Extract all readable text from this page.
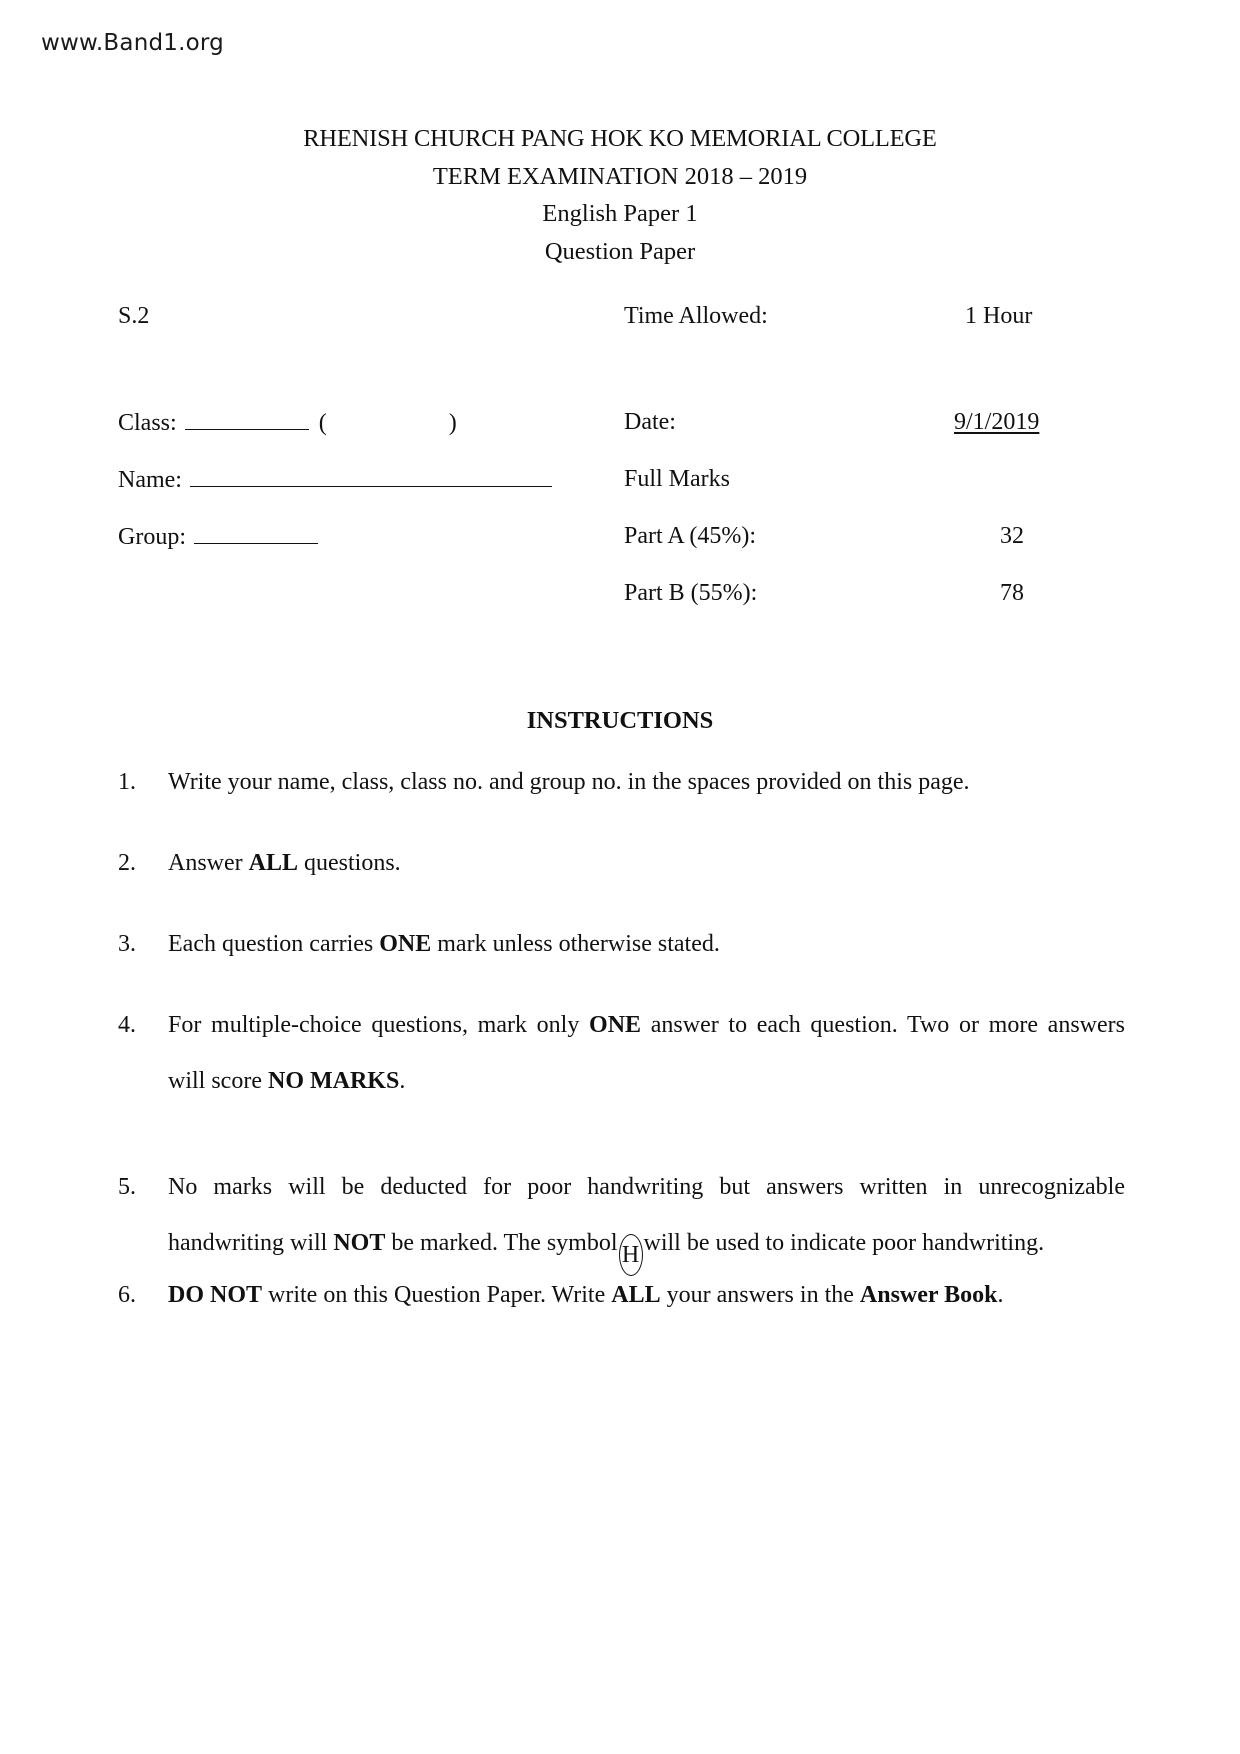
www.Band1.org
RHENISH CHURCH PANG HOK KO MEMORIAL COLLEGE
TERM EXAMINATION 2018 – 2019
English Paper 1
Question Paper
S.2
Class:	(	)
Name:
Group:
Time Allowed:	1 Hour
Date:	9/1/2019
Full Marks
Part A (45%):	32
Part B (55%):	78
INSTRUCTIONS
1. Write your name, class, class no. and group no. in the spaces provided on this page.
2. Answer ALL questions.
3. Each question carries ONE mark unless otherwise stated.
4. For multiple-choice questions, mark only ONE answer to each question. Two or more answers
will score NO MARKS.
5. No marks will be deducted for poor handwriting but answers written in unrecognizable
handwriting will NOT be marked. The symbol H will be used to indicate poor handwriting.
6. DO NOT write on this Question Paper. Write ALL your answers in the Answer Book.
